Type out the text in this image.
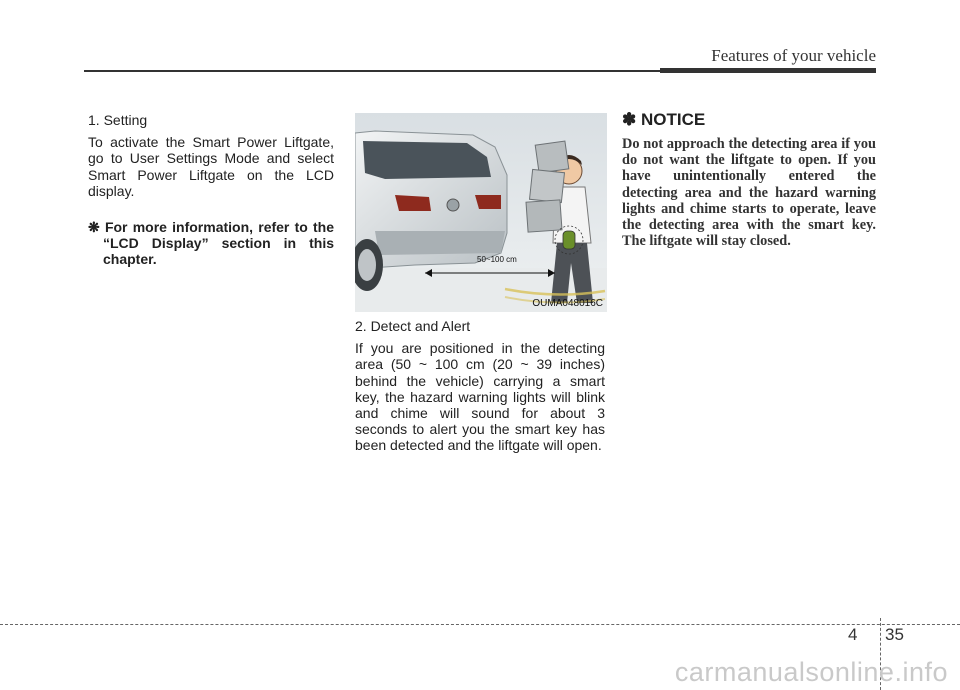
Features of your vehicle

1. Setting

To activate the Smart Power Liftgate, go to User Settings Mode and select Smart Power Liftgate on the LCD display.

❋ For more information, refer to the “LCD Display” section in this chapter.	50~100 cm
OUMA048016C

2. Detect and Alert

If you are positioned in the detecting area (50 ~ 100 cm (20 ~ 39 inches) behind the vehicle) carrying a smart key, the hazard warning lights will blink and chime will sound for about 3 seconds to alert you the smart key has been detected and the liftgate will open.

✽ NOTICE

Do not approach the detecting area if you do not want the liftgate to open. If you have unintentionally entered the detecting area and the hazard warning lights and chime starts to operate, leave the detecting area with the smart key. The liftgate will stay closed.

4 35
carmanualsonline.info
